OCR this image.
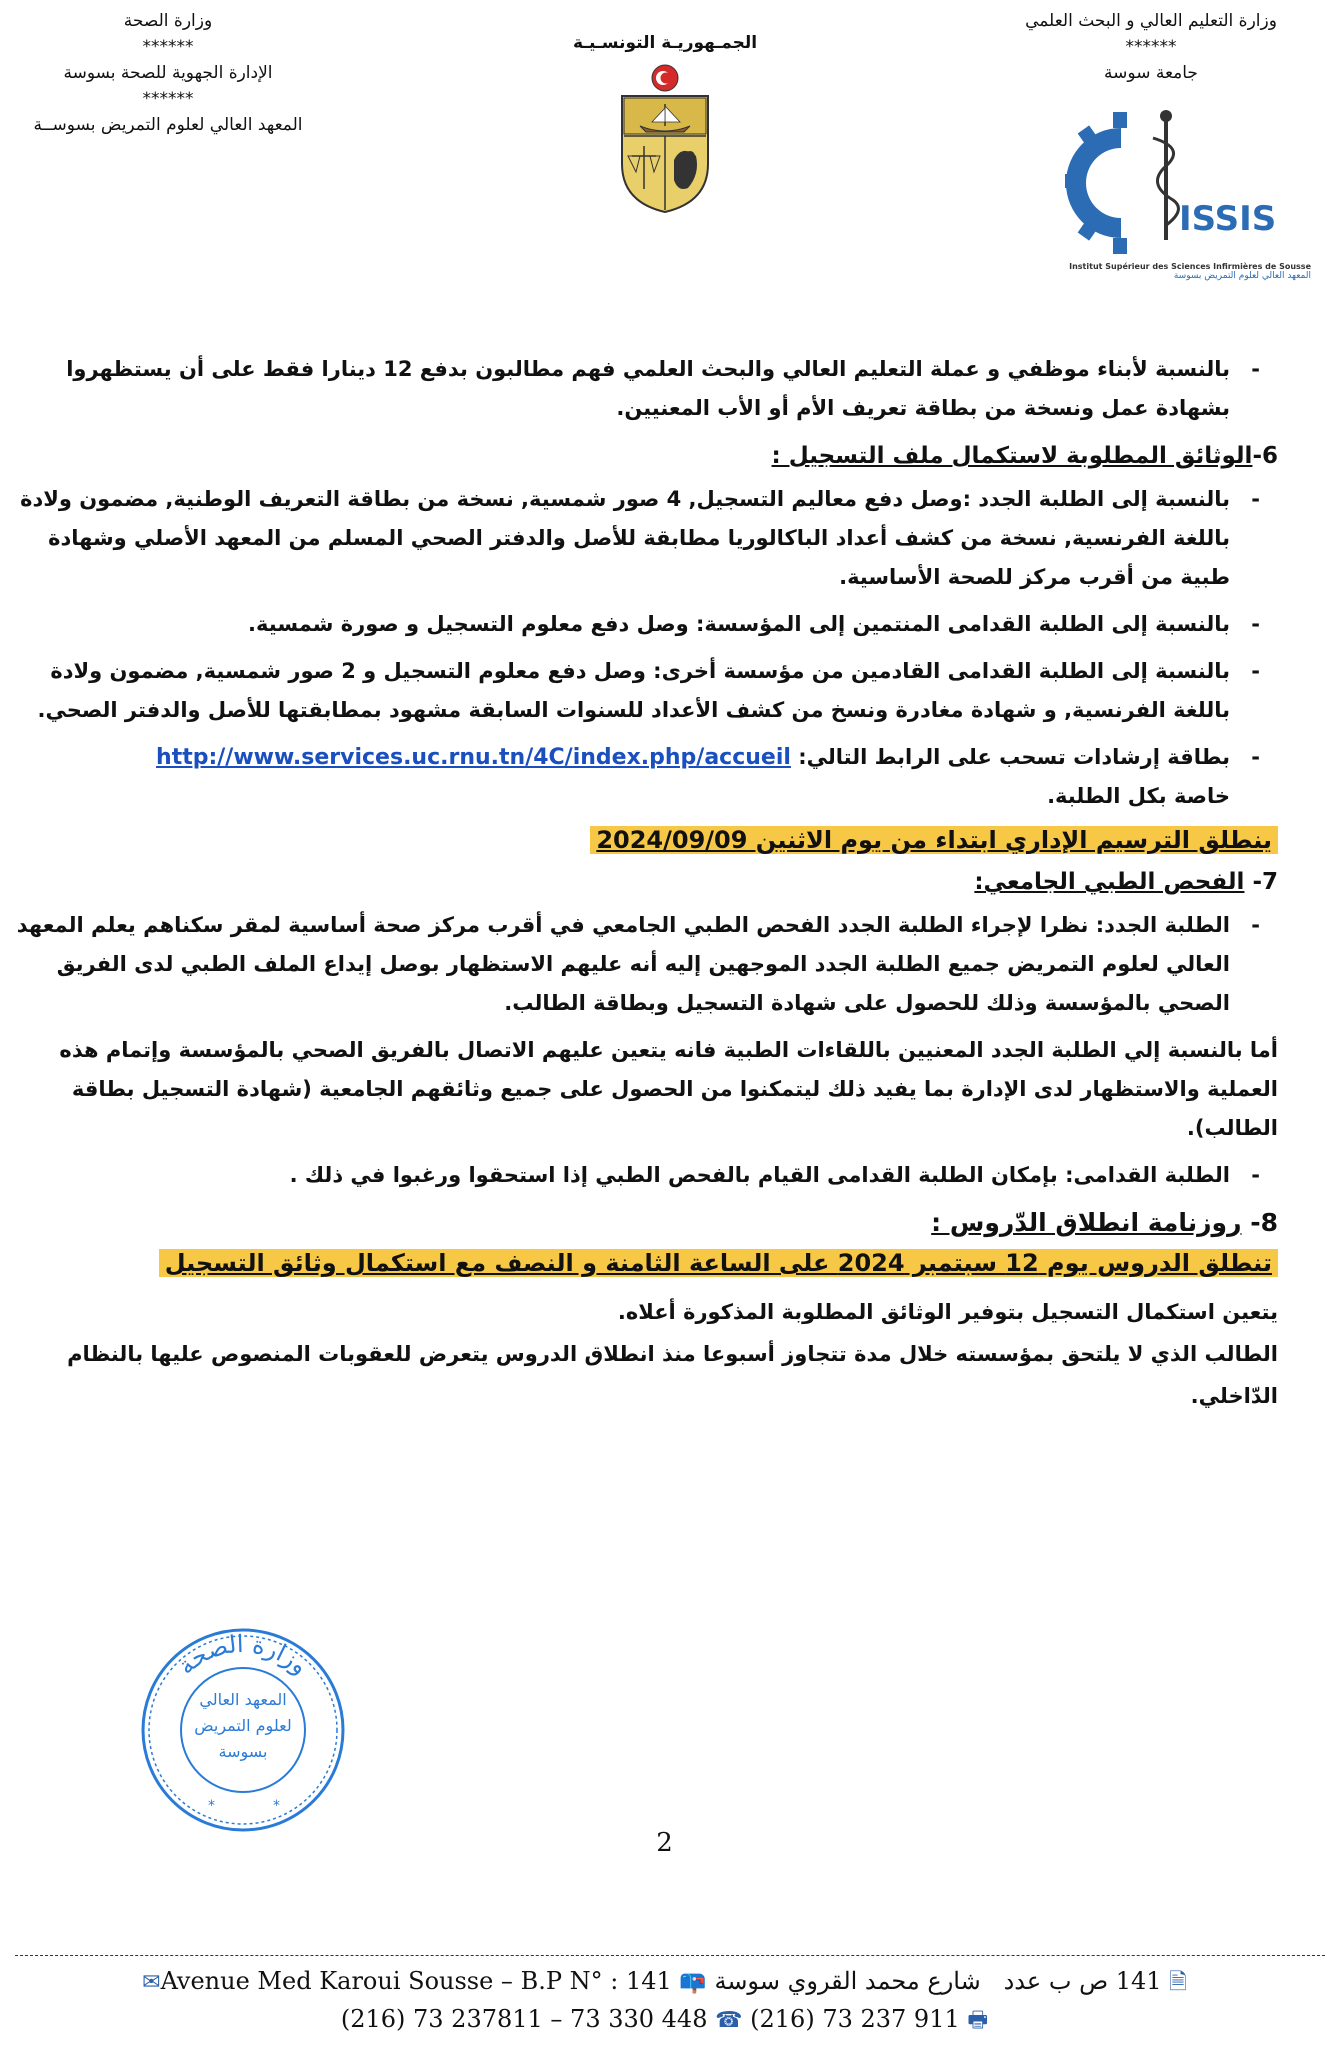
وزارة الصحة
******
الإدارة الجهوية للصحة بسوسة
******
المعهد العالي لعلوم التمريض بسوســة
الجمـهوريـة التونسـيـة
وزارة التعليم العالي و البحث العلمي
******
جامعة سوسة
ISSIS
Institut Supérieur des Sciences Infirmières de Sousse
المعهد العالي لعلوم التمريض بسوسة
- بالنسبة لأبناء موظفي و عملة التعليم العالي والبحث العلمي فهم مطالبون بدفع 12 دينارا فقط على أن يستظهروا بشهادة عمل ونسخة من بطاقة تعريف الأم أو الأب المعنيين.
6-الوثائق المطلوبة لاستكمال ملف التسجيل :
- بالنسبة إلى الطلبة الجدد :وصل دفع معاليم التسجيل, 4 صور شمسية, نسخة من بطاقة التعريف الوطنية, مضمون ولادة باللغة الفرنسية, نسخة من كشف أعداد الباكالوريا مطابقة للأصل والدفتر الصحي المسلم من المعهد الأصلي وشهادة طبية من أقرب مركز للصحة الأساسية.
- بالنسبة إلى الطلبة القدامى المنتمين إلى المؤسسة: وصل دفع معلوم التسجيل و صورة شمسية.
- بالنسبة إلى الطلبة القدامى القادمين من مؤسسة أخرى: وصل دفع معلوم التسجيل و 2 صور شمسية, مضمون ولادة باللغة الفرنسية, و شهادة مغادرة ونسخ من كشف الأعداد للسنوات السابقة مشهود بمطابقتها للأصل والدفتر الصحي.
- بطاقة إرشادات تسحب على الرابط التالي: http://www.services.uc.rnu.tn/4C/index.php/accueil
خاصة بكل الطلبة.
ينطلق الترسيم الإداري ابتداء من يوم الاثنين 2024/09/09
7- الفحص الطبي الجامعي:
- الطلبة الجدد: نظرا لإجراء الطلبة الجدد الفحص الطبي الجامعي في أقرب مركز صحة أساسية لمقر سكناهم يعلم المعهد العالي لعلوم التمريض جميع الطلبة الجدد الموجهين إليه أنه عليهم الاستظهار بوصل إيداع الملف الطبي لدى الفريق الصحي بالمؤسسة وذلك للحصول على شهادة التسجيل وبطاقة الطالب.
أما بالنسبة إلي الطلبة الجدد المعنيين باللقاءات الطبية فانه يتعين عليهم الاتصال بالفريق الصحي بالمؤسسة وإتمام هذه العملية والاستظهار لدى الإدارة بما يفيد ذلك ليتمكنوا من الحصول على جميع وثائقهم الجامعية (شهادة التسجيل بطاقة الطالب).
- الطلبة القدامى: بإمكان الطلبة القدامى القيام بالفحص الطبي إذا استحقوا ورغبوا في ذلك .
8- روزنامة انطلاق الدّروس :
تنطلق الدروس يوم 12 سبتمبر 2024 على الساعة الثامنة و النصف مع استكمال وثائق التسجيل
يتعين استكمال التسجيل بتوفير الوثائق المطلوبة المذكورة أعلاه.
الطالب الذي لا يلتحق بمؤسسته خلال مدة تتجاوز أسبوعا منذ انطلاق الدروس يتعرض للعقوبات المنصوص عليها بالنظام الدّاخلي.
وزارة الصحة
*	*
المعهد العالي
لعلوم التمريض
بسوسة
2
✉Avenue Med Karoui Sousse – B.P N° : 141 📪	141 ص ب عدد   شارع محمد القروي سوسة	🗎
(216) 73 237811 – 73 330 448 ☎ (216) 73 237 911 🖶
